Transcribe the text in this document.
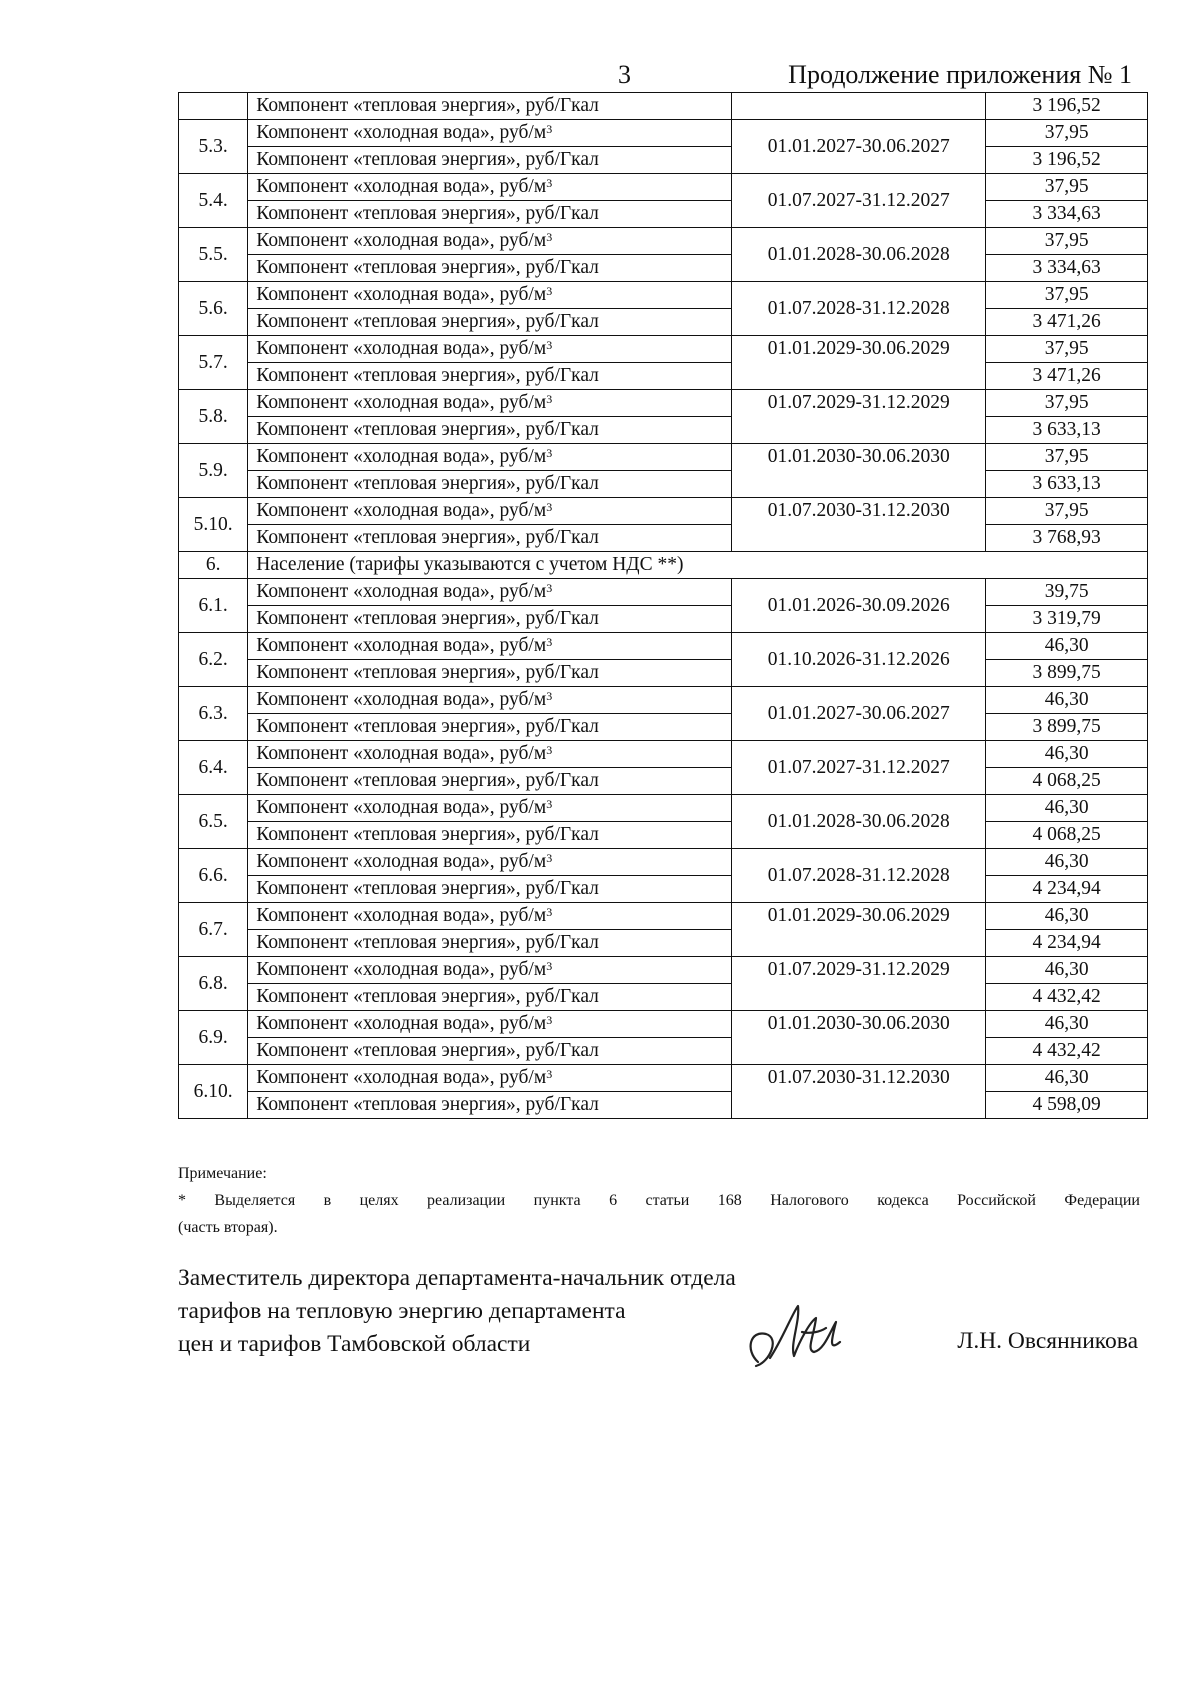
3	Продолжение приложения № 1
	Компонент «тепловая энергия», руб/Гкал		3 196,52
5.3.	Компонент «холодная вода», руб/$м^3$	01.01.2027-30.06.2027	37,95
	Компонент «тепловая энергия», руб/Гкал		3 196,52
5.4.	Компонент «холодная вода», руб/$м^3$	01.07.2027-31.12.2027	37,95
	Компонент «тепловая энергия», руб/Гкал		3 334,63
5.5.	Компонент «холодная вода», руб/$м^3$	01.01.2028-30.06.2028	37,95
	Компонент «тепловая энергия», руб/Гкал		3 334,63
5.6.	Компонент «холодная вода», руб/$м^3$	01.07.2028-31.12.2028	37,95
	Компонент «тепловая энергия», руб/Гкал		3 471,26
5.7.	Компонент «холодная вода», руб/$м^3$	01.01.2029-30.06.2029	37,95
	Компонент «тепловая энергия», руб/Гкал		3 471,26
5.8.	Компонент «холодная вода», руб/$м^3$	01.07.2029-31.12.2029	37,95
	Компонент «тепловая энергия», руб/Гкал		3 633,13
5.9.	Компонент «холодная вода», руб/$м^3$	01.01.2030-30.06.2030	37,95
	Компонент «тепловая энергия», руб/Гкал		3 633,13
5.10.	Компонент «холодная вода», руб/$м^3$	01.07.2030-31.12.2030	37,95
	Компонент «тепловая энергия», руб/Гкал		3 768,93
6.	Население (тарифы указываются с учетом НДС **)		
6.1.	Компонент «холодная вода», руб/$м^3$	01.01.2026-30.09.2026	39,75
	Компонент «тепловая энергия», руб/Гкал		3 319,79
6.2.	Компонент «холодная вода», руб/$м^3$	01.10.2026-31.12.2026	46,30
	Компонент «тепловая энергия», руб/Гкал		3 899,75
6.3.	Компонент «холодная вода», руб/$м^3$	01.01.2027-30.06.2027	46,30
	Компонент «тепловая энергия», руб/Гкал		3 899,75
6.4.	Компонент «холодная вода», руб/$м^3$	01.07.2027-31.12.2027	46,30
	Компонент «тепловая энергия», руб/Гкал		4 068,25
6.5.	Компонент «холодная вода», руб/$м^3$	01.01.2028-30.06.2028	46,30
	Компонент «тепловая энергия», руб/Гкал		4 068,25
6.6.	Компонент «холодная вода», руб/$м^3$	01.07.2028-31.12.2028	46,30
	Компонент «тепловая энергия», руб/Гкал		4 234,94
6.7.	Компонент «холодная вода», руб/$м^3$	01.01.2029-30.06.2029	46,30
	Компонент «тепловая энергия», руб/Гкал		4 234,94
6.8.	Компонент «холодная вода», руб/$м^3$	01.07.2029-31.12.2029	46,30
	Компонент «тепловая энергия», руб/Гкал		4 432,42
6.9.	Компонент «холодная вода», руб/$м^3$	01.01.2030-30.06.2030	46,30
	Компонент «тепловая энергия», руб/Гкал		4 432,42
6.10.	Компонент «холодная вода», руб/$м^3$	01.07.2030-31.12.2030	46,30
	Компонент «тепловая энергия», руб/Гкал		4 598,09
Примечание:
* Выделяется в целях реализации пункта 6 статьи 168 Налогового кодекса Российской Федерации
(часть вторая).
Заместитель директора департамента-начальник отдела
тарифов на тепловую энергию департамента
цен и тарифов Тамбовской области	Л.Н. Овсянникова
